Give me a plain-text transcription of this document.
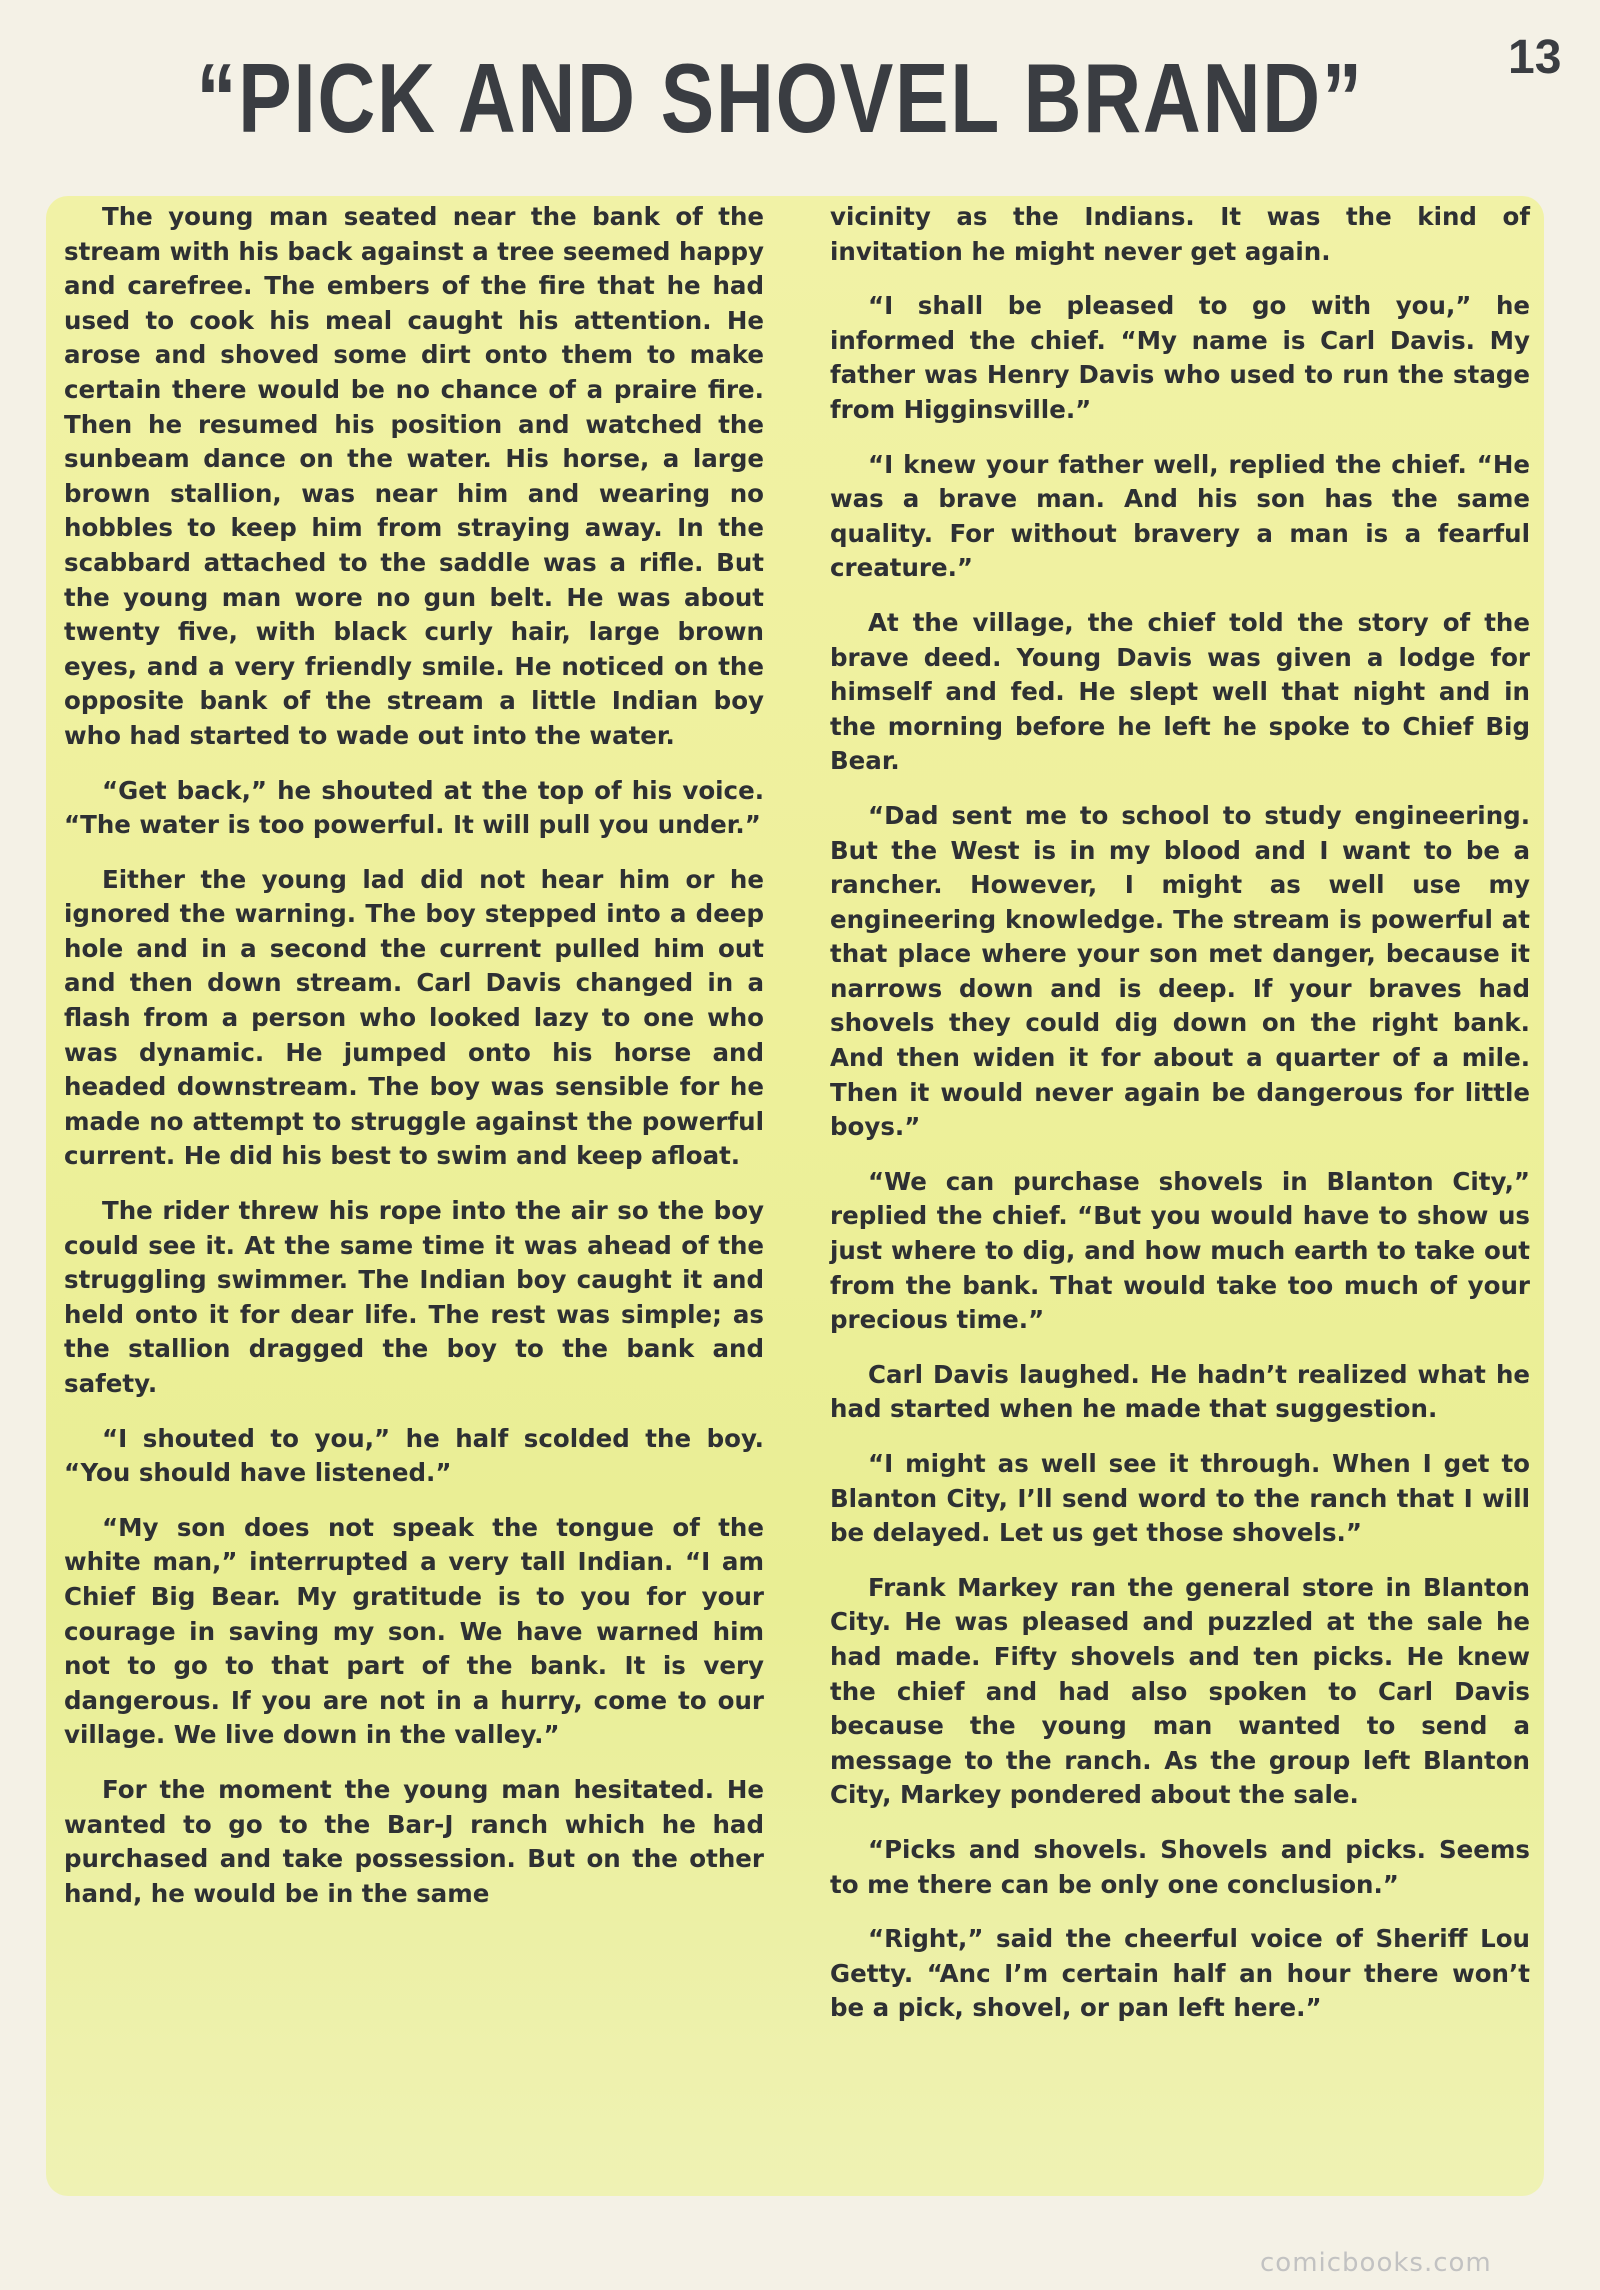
“PICK AND SHOVEL BRAND”	13

The young man seated near the bank of the stream with his back against a tree seemed happy and carefree. The embers of the fire that he had used to cook his meal caught his attention. He arose and shoved some dirt onto them to make certain there would be no chance of a praire fire. Then he resumed his position and watched the sunbeam dance on the water. His horse, a large brown stallion, was near him and wearing no hobbles to keep him from straying away. In the scabbard attached to the saddle was a rifle. But the young man wore no gun belt. He was about twenty five, with black curly hair, large brown eyes, and a very friendly smile. He noticed on the opposite bank of the stream a little Indian boy who had started to wade out into the water.

“Get back,” he shouted at the top of his voice. “The water is too powerful. It will pull you under.”

Either the young lad did not hear him or he ignored the warning. The boy stepped into a deep hole and in a second the current pulled him out and then down stream. Carl Davis changed in a flash from a person who looked lazy to one who was dynamic. He jumped onto his horse and headed downstream. The boy was sensible for he made no attempt to struggle against the powerful current. He did his best to swim and keep afloat.

The rider threw his rope into the air so the boy could see it. At the same time it was ahead of the struggling swimmer. The Indian boy caught it and held onto it for dear life. The rest was simple; as the stallion dragged the boy to the bank and safety.

“I shouted to you,” he half scolded the boy. “You should have listened.”

“My son does not speak the tongue of the white man,” interrupted a very tall Indian. “I am Chief Big Bear. My gratitude is to you for your courage in saving my son. We have warned him not to go to that part of the bank. It is very dangerous. If you are not in a hurry, come to our village. We live down in the valley.”

For the moment the young man hesitated. He wanted to go to the Bar-J ranch which he had purchased and take possession. But on the other hand, he would be in the same

vicinity as the Indians. It was the kind of invitation he might never get again.

“I shall be pleased to go with you,” he informed the chief. “My name is Carl Davis. My father was Henry Davis who used to run the stage from Higginsville.”

“I knew your father well, replied the chief. “He was a brave man. And his son has the same quality. For without bravery a man is a fearful creature.”

At the village, the chief told the story of the brave deed. Young Davis was given a lodge for himself and fed. He slept well that night and in the morning before he left he spoke to Chief Big Bear.

“Dad sent me to school to study engineering. But the West is in my blood and I want to be a rancher. However, I might as well use my engineering knowledge. The stream is powerful at that place where your son met danger, because it narrows down and is deep. If your braves had shovels they could dig down on the right bank. And then widen it for about a quarter of a mile. Then it would never again be dangerous for little boys.”

“We can purchase shovels in Blanton City,” replied the chief. “But you would have to show us just where to dig, and how much earth to take out from the bank. That would take too much of your precious time.”

Carl Davis laughed. He hadn’t realized what he had started when he made that suggestion.

“I might as well see it through. When I get to Blanton City, I’ll send word to the ranch that I will be delayed. Let us get those shovels.”

Frank Markey ran the general store in Blanton City. He was pleased and puzzled at the sale he had made. Fifty shovels and ten picks. He knew the chief and had also spoken to Carl Davis because the young man wanted to send a message to the ranch. As the group left Blanton City, Markey pondered about the sale.

“Picks and shovels. Shovels and picks. Seems to me there can be only one conclusion.”

“Right,” said the cheerful voice of Sheriff Lou Getty. “Anc I’m certain half an hour there won’t be a pick, shovel, or pan left here.”

comicbooks.com
